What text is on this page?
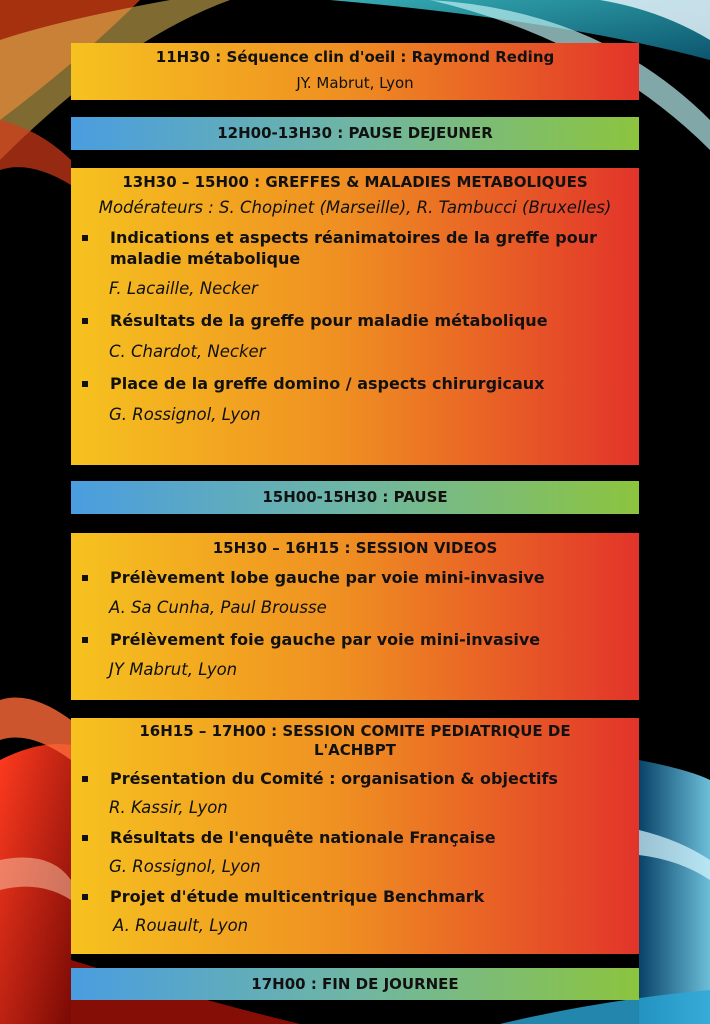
11H30 : Séquence clin d'oeil : Raymond Reding

JY. Mabrut, Lyon

12H00-13H30 : PAUSE DEJEUNER

13H30 – 15H00 : GREFFES & MALADIES METABOLIQUES

Modérateurs : S. Chopinet (Marseille), R. Tambucci (Bruxelles)

Indications et aspects réanimatoires de la greffe pour maladie métabolique

F. Lacaille, Necker

Résultats de la greffe pour maladie métabolique

C. Chardot, Necker

Place de la greffe domino / aspects chirurgicaux

G. Rossignol, Lyon

15H00-15H30 : PAUSE

15H30 – 16H15 : SESSION VIDEOS

Prélèvement lobe gauche par voie mini-invasive

A. Sa Cunha, Paul Brousse

Prélèvement foie gauche par voie mini-invasive

JY Mabrut, Lyon

16H15 – 17H00 : SESSION COMITE PEDIATRIQUE DE L'ACHBPT

Présentation du Comité : organisation & objectifs

R. Kassir, Lyon

Résultats de l'enquête nationale Française

G. Rossignol, Lyon

Projet d'étude multicentrique Benchmark

A. Rouault, Lyon

17H00 : FIN DE JOURNEE
